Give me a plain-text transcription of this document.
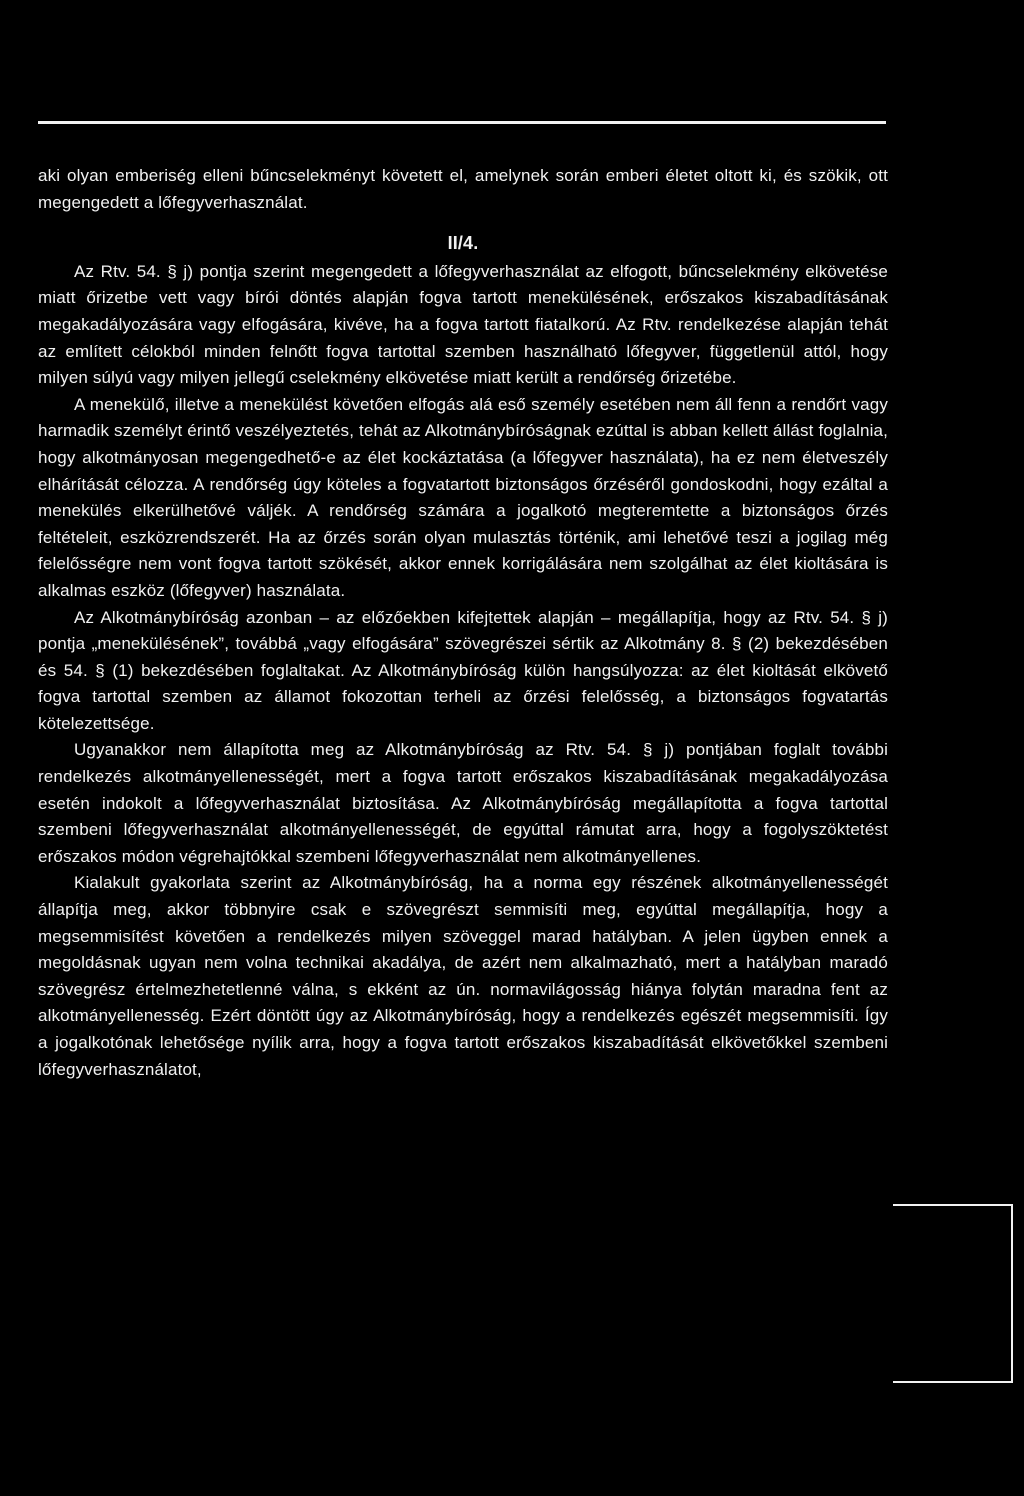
aki olyan emberiség elleni bűncselekményt követett el, amelynek során emberi életet oltott ki, és szökik, ott megengedett a lőfegyverhasználat.

II/4.

Az Rtv. 54. § j) pontja szerint megengedett a lőfegyverhasználat az elfogott, bűncselekmény elkövetése miatt őrizetbe vett vagy bírói döntés alapján fogva tartott menekülésének, erőszakos kiszabadításának megakadályozására vagy elfogására, kivéve, ha a fogva tartott fiatalkorú. Az Rtv. rendelkezése alapján tehát az említett célokból minden felnőtt fogva tartottal szemben használható lőfegyver, függetlenül attól, hogy milyen súlyú vagy milyen jellegű cselekmény elkövetése miatt került a rendőrség őrizetébe.

A menekülő, illetve a menekülést követően elfogás alá eső személy esetében nem áll fenn a rendőrt vagy harmadik személyt érintő veszélyeztetés, tehát az Alkotmánybíróságnak ezúttal is abban kellett állást foglalnia, hogy alkotmányosan megengedhető-e az élet kockáztatása (a lőfegyver használata), ha ez nem életveszély elhárítását célozza. A rendőrség úgy köteles a fogvatartott biztonságos őrzéséről gondoskodni, hogy ezáltal a menekülés elkerülhetővé váljék. A rendőrség számára a jogalkotó megteremtette a biztonságos őrzés feltételeit, eszközrendszerét. Ha az őrzés során olyan mulasztás történik, ami lehetővé teszi a jogilag még felelősségre nem vont fogva tartott szökését, akkor ennek korrigálására nem szolgálhat az élet kioltására is alkalmas eszköz (lőfegyver) használata.

Az Alkotmánybíróság azonban – az előzőekben kifejtettek alapján – megállapítja, hogy az Rtv. 54. § j) pontja „menekülésének”, továbbá „vagy elfogására” szövegrészei sértik az Alkotmány 8. § (2) bekezdésében és 54. § (1) bekezdésében foglaltakat. Az Alkotmánybíróság külön hangsúlyozza: az élet kioltását elkövető fogva tartottal szemben az államot fokozottan terheli az őrzési felelősség, a biztonságos fogvatartás kötelezettsége.

Ugyanakkor nem állapította meg az Alkotmánybíróság az Rtv. 54. § j) pontjában foglalt további rendelkezés alkotmányellenességét, mert a fogva tartott erőszakos kiszabadításának megakadályozása esetén indokolt a lőfegyverhasználat biztosítása. Az Alkotmánybíróság megállapította a fogva tartottal szembeni lőfegyverhasználat alkotmányellenességét, de egyúttal rámutat arra, hogy a fogolyszöktetést erőszakos módon végrehajtókkal szembeni lőfegyverhasználat nem alkotmányellenes.

Kialakult gyakorlata szerint az Alkotmánybíróság, ha a norma egy részének alkotmányellenességét állapítja meg, akkor többnyire csak e szövegrészt semmisíti meg, egyúttal megállapítja, hogy a megsemmisítést követően a rendelkezés milyen szöveggel marad hatályban. A jelen ügyben ennek a megoldásnak ugyan nem volna technikai akadálya, de azért nem alkalmazható, mert a hatályban maradó szövegrész értelmezhetetlenné válna, s ekként az ún. normavilágosság hiánya folytán maradna fent az alkotmányellenesség. Ezért döntött úgy az Alkotmánybíróság, hogy a rendelkezés egészét megsemmisíti. Így a jogalkotónak lehetősége nyílik arra, hogy a fogva tartott erőszakos kiszabadítását elkövetőkkel szembeni lőfegyverhasználatot,
